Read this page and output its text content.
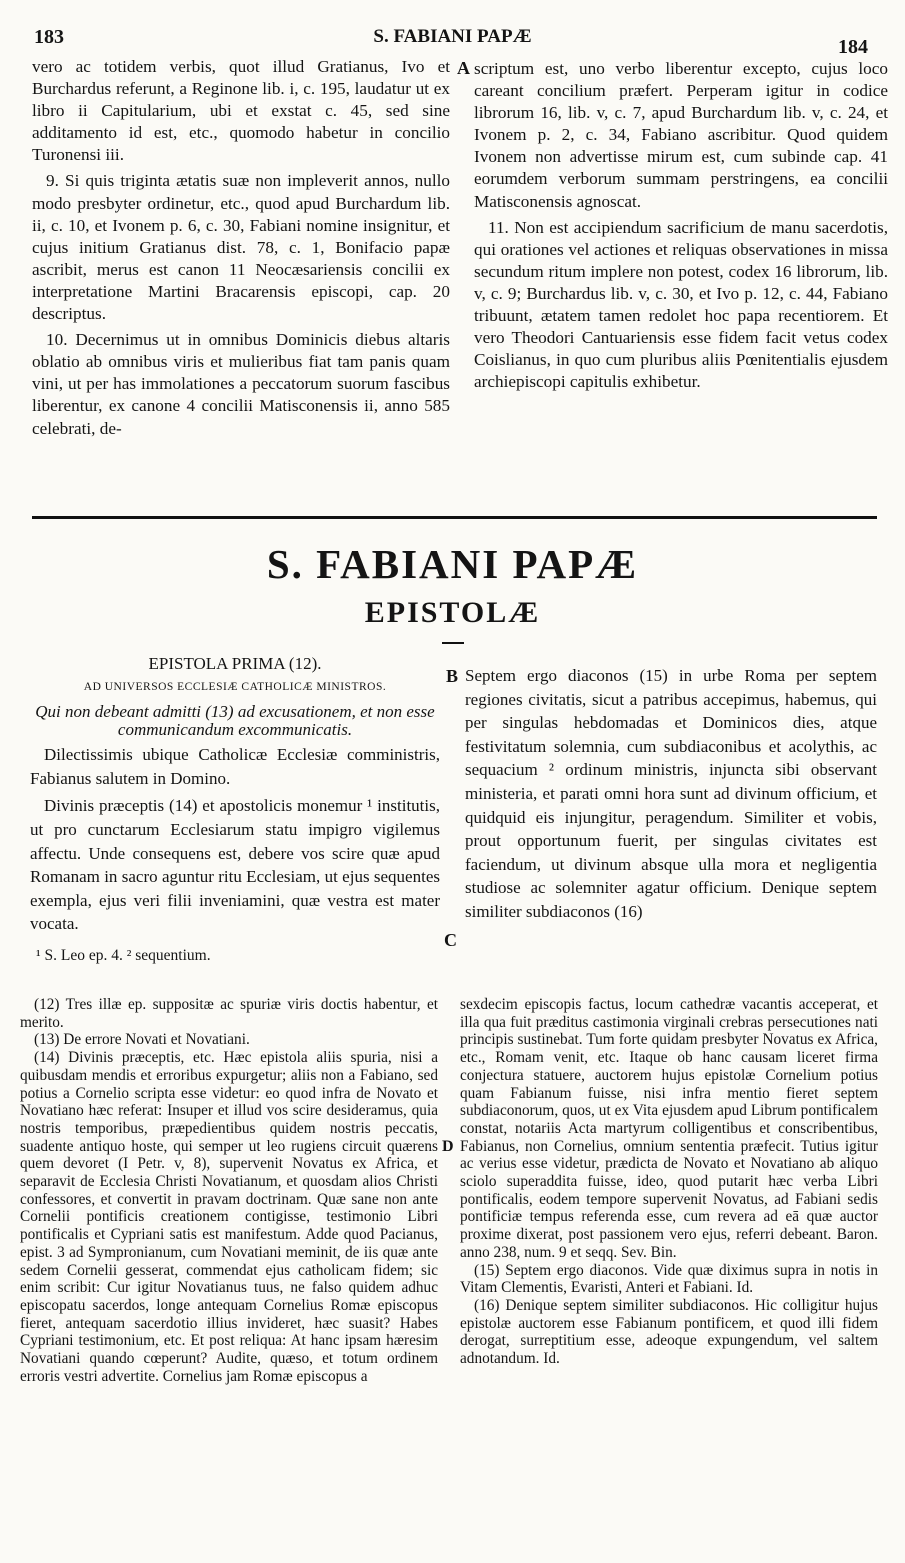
183	S. FABIANI PAPÆ	184

vero ac totidem verbis, quot illud Gratianus, Ivo et Burchardus referunt, a Reginone lib. i, c. 195, laudatur ut ex libro ii Capitularium, ubi et exstat c. 45, sed sine additamento id est, etc., quomodo habetur in concilio Turonensi iii.

9. Si quis triginta ætatis suæ non impleverit annos, nullo modo presbyter ordinetur, etc., quod apud Burchardum lib. ii, c. 10, et Ivonem p. 6, c. 30, Fabiani nomine insignitur, et cujus initium Gratianus dist. 78, c. 1, Bonifacio papæ ascribit, merus est canon 11 Neocæsariensis concilii ex interpretatione Martini Bracarensis episcopi, cap. 20 descriptus.

10. Decernimus ut in omnibus Dominicis diebus altaris oblatio ab omnibus viris et mulieribus fiat tam panis quam vini, ut per has immolationes a peccatorum suorum fascibus liberentur, ex canone 4 concilii Matisconensis ii, anno 585 celebrati, de-

A scriptum est, uno verbo liberentur excepto, cujus loco careant concilium præfert. Perperam igitur in codice librorum 16, lib. v, c. 7, apud Burchardum lib. v, c. 24, et Ivonem p. 2, c. 34, Fabiano ascribitur. Quod quidem Ivonem non advertisse mirum est, cum subinde cap. 41 eorumdem verborum summam perstringens, ea concilii Matisconensis agnoscat.

11. Non est accipiendum sacrificium de manu sacerdotis, qui orationes vel actiones et reliquas observationes in missa secundum ritum implere non potest, codex 16 librorum, lib. v, c. 9; Burchardus lib. v, c. 30, et Ivo p. 12, c. 44, Fabiano tribuunt, ætatem tamen redolet hoc papa recentiorem. Et vero Theodori Cantuariensis esse fidem facit vetus codex Coislianus, in quo cum pluribus aliis Pœnitentialis ejusdem archiepiscopi capitulis exhibetur.

S. FABIANI PAPÆ
EPISTOLÆ

EPISTOLA PRIMA (12).

AD UNIVERSOS ECCLESIÆ CATHOLICÆ MINISTROS.

Qui non debeant admitti (13) ad excusationem, et non esse communicandum excommunicatis.

Dilectissimis ubique Catholicæ Ecclesiæ comministris, Fabianus salutem in Domino.

Divinis præceptis (14) et apostolicis monemur ¹ institutis, ut pro cunctarum Ecclesiarum statu impigro vigilemus affectu. Unde consequens est, debere vos scire quæ apud Romanam in sacro aguntur ritu Ecclesiam, ut ejus sequentes exempla, ejus veri filii inveniamini, quæ vestra est mater vocata.

¹ S. Leo ep. 4. ² sequentium.

B
C

Septem ergo diaconos (15) in urbe Roma per septem regiones civitatis, sicut a patribus accepimus, habemus, qui per singulas hebdomadas et Dominicos dies, atque festivitatum solemnia, cum subdiaconibus et acolythis, ac sequacium ² ordinum ministris, injuncta sibi observant ministeria, et parati omni hora sunt ad divinum officium, et quidquid eis injungitur, peragendum. Similiter et vobis, prout opportunum fuerit, per singulas civitates est faciendum, ut divinum absque ulla mora et negligentia studiose ac solemniter agatur officium. Denique septem similiter subdiaconos (16)

(12) Tres illæ ep. suppositæ ac spuriæ viris doctis habentur, et merito.

(13) De errore Novati et Novatiani.

(14) Divinis præceptis, etc. Hæc epistola aliis spuria, nisi a quibusdam mendis et erroribus expurgetur; aliis non a Fabiano, sed potius a Cornelio scripta esse videtur: eo quod infra de Novato et Novatiano hæc referat: Insuper et illud vos scire desideramus, quia nostris temporibus, præpedientibus quidem nostris peccatis, suadente antiquo hoste, qui semper ut leo rugiens circuit quærens quem devoret (I Petr. v, 8), supervenit Novatus ex Africa, et separavit de Ecclesia Christi Novatianum, et quosdam alios Christi confessores, et convertit in pravam doctrinam. Quæ sane non ante Cornelii pontificis creationem contigisse, testimonio Libri pontificalis et Cypriani satis est manifestum. Adde quod Pacianus, epist. 3 ad Sympronianum, cum Novatiani meminit, de iis quæ ante sedem Cornelii gesserat, commendat ejus catholicam fidem; sic enim scribit: Cur igitur Novatianus tuus, ne falso quidem adhuc episcopatu sacerdos, longe antequam Cornelius Romæ episcopus fieret, antequam sacerdotio illius invideret, hæc suasit? Habes Cypriani testimonium, etc. Et post reliqua: At hanc ipsam hæresim Novatiani quando cœperunt? Audite, quæso, et totum ordinem erroris vestri advertite. Cornelius jam Romæ episcopus a

D

sexdecim episcopis factus, locum cathedræ vacantis acceperat, et illa qua fuit præditus castimonia virginali crebras persecutiones nati principis sustinebat. Tum forte quidam presbyter Novatus ex Africa, etc., Romam venit, etc. Itaque ob hanc causam liceret firma conjectura statuere, auctorem hujus epistolæ Cornelium potius quam Fabianum fuisse, nisi infra mentio fieret septem subdiaconorum, quos, ut ex Vita ejusdem apud Librum pontificalem constat, notariis Acta martyrum colligentibus et conscribentibus, Fabianus, non Cornelius, omnium sententia præfecit. Tutius igitur ac verius esse videtur, prædicta de Novato et Novatiano ab aliquo sciolo superaddita fuisse, ideo, quod putarit hæc verba Libri pontificalis, eodem tempore supervenit Novatus, ad Fabiani sedis pontificiæ tempus referenda esse, cum revera ad eā quæ auctor proxime dixerat, post passionem vero ejus, referri debeant. Baron. anno 238, num. 9 et seqq. Sev. Bin.

(15) Septem ergo diaconos. Vide quæ diximus supra in notis in Vitam Clementis, Evaristi, Anteri et Fabiani. Id.

(16) Denique septem similiter subdiaconos. Hic colligitur hujus epistolæ auctorem esse Fabianum pontificem, et quod illi fidem derogat, surreptitium esse, adeoque expungendum, vel saltem adnotandum. Id.
